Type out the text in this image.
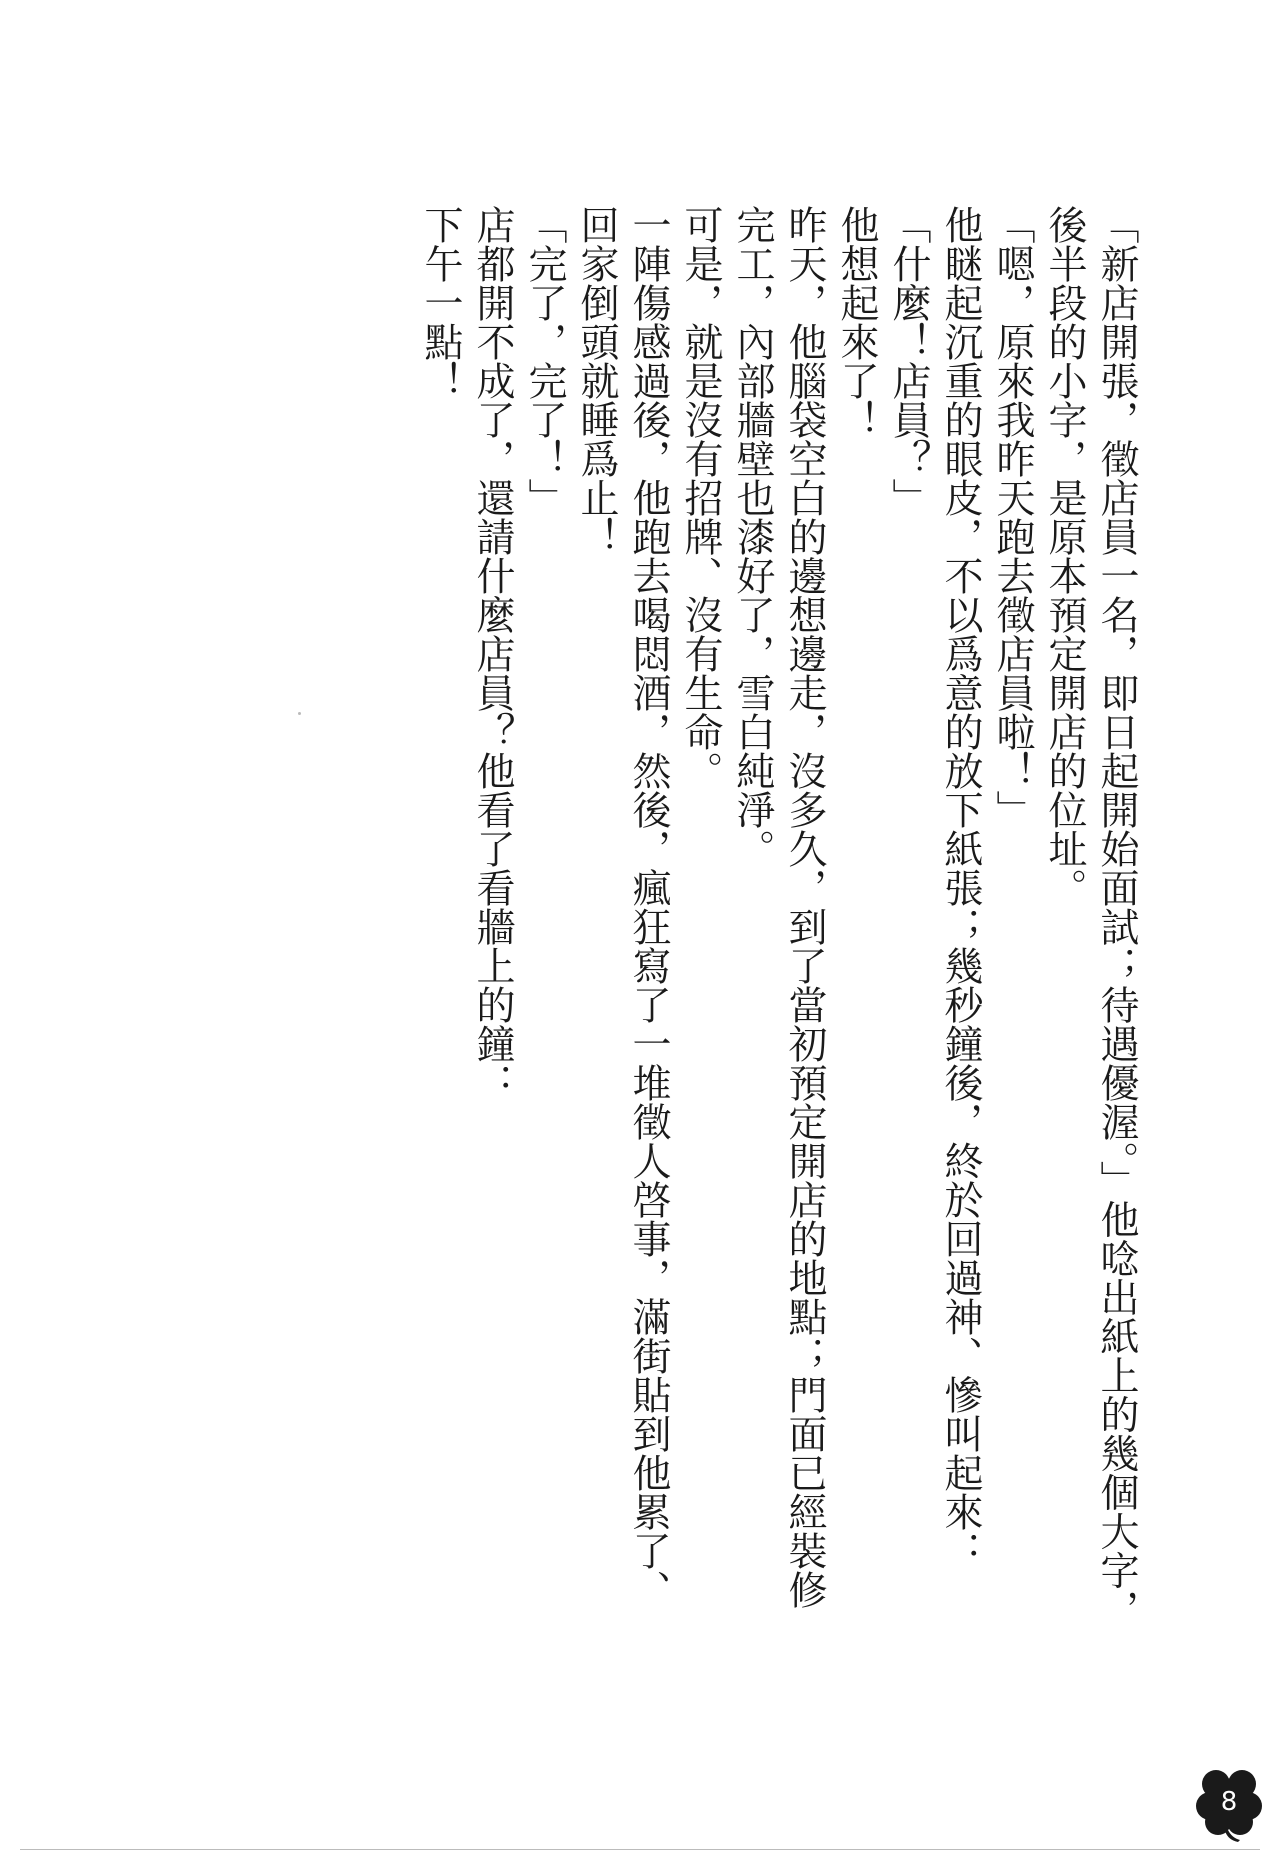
「新店開張，徵店員一名，即日起開始面試；待遇優渥。」他唸出紙上的幾個大字，後半段的小字，是原本預定開店的位址。

「嗯，原來我昨天跑去徵店員啦！」

他瞇起沉重的眼皮，不以爲意的放下紙張；幾秒鐘後，終於回過神、慘叫起來：

「什麼！店員？」

他想起來了！

昨天，他腦袋空白的邊想邊走，沒多久，到了當初預定開店的地點；門面已經裝修完工，內部牆壁也漆好了，雪白純淨。

可是，就是沒有招牌、沒有生命。

一陣傷感過後，他跑去喝悶酒，然後，瘋狂寫了一堆徵人啓事，滿街貼到他累了、回家倒頭就睡爲止！

「完了，完了！」

店都開不成了，還請什麼店員？他看了看牆上的鐘：

下午一點！

8
